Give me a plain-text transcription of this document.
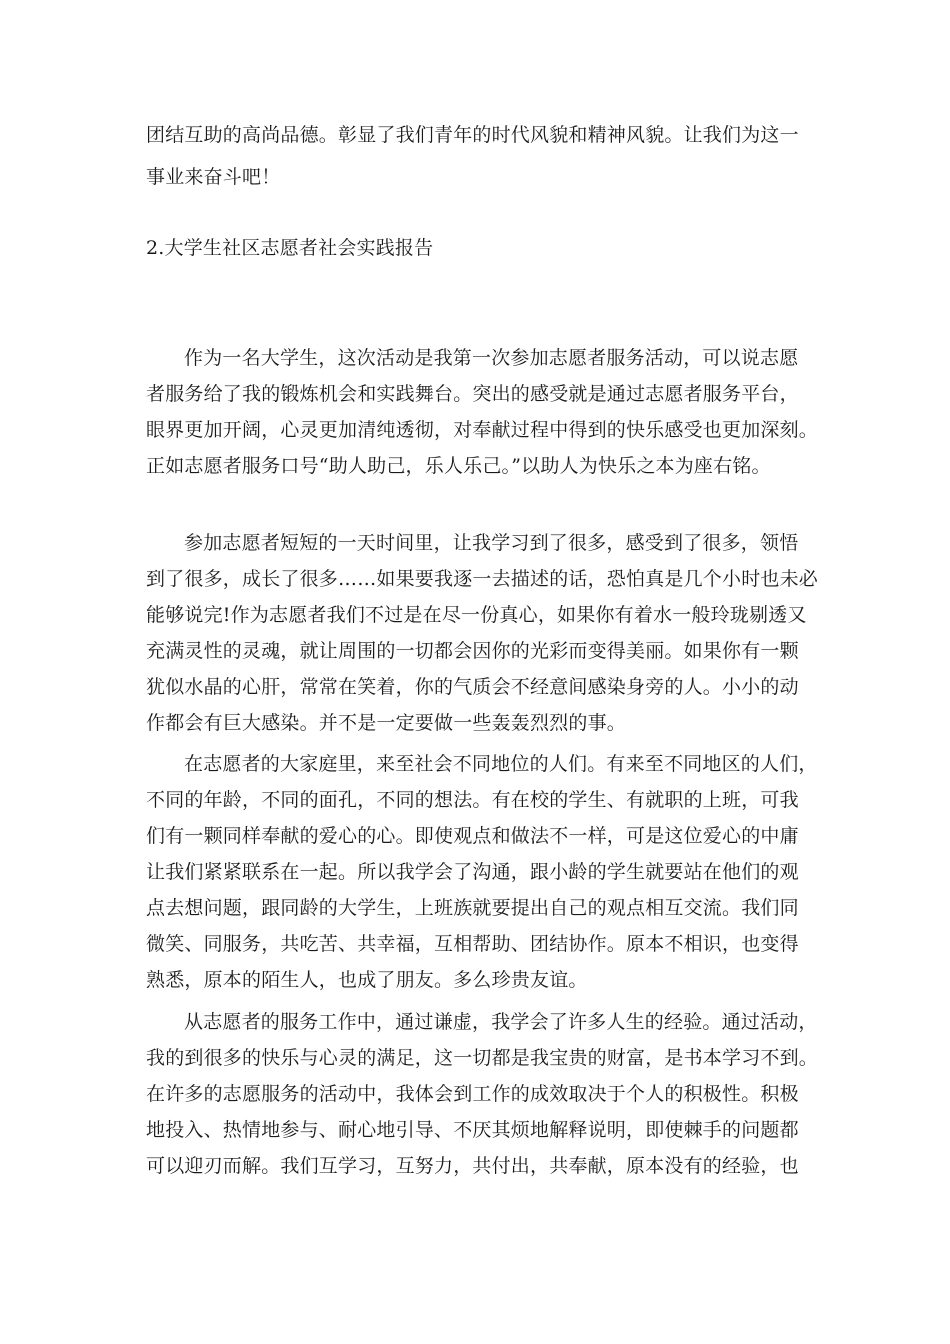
团结互助的高尚品德。彰显了我们青年的时代风貌和精神风貌。让我们为这一
事业来奋斗吧！
2.大学生社区志愿者社会实践报告
作为一名大学生，这次活动是我第一次参加志愿者服务活动，可以说志愿
者服务给了我的锻炼机会和实践舞台。突出的感受就是通过志愿者服务平台，
眼界更加开阔，心灵更加清纯透彻，对奉献过程中得到的快乐感受也更加深刻。
正如志愿者服务口号“助人助己，乐人乐己。”以助人为快乐之本为座右铭。
参加志愿者短短的一天时间里，让我学习到了很多，感受到了很多，领悟
到了很多，成长了很多……如果要我逐一去描述的话，恐怕真是几个小时也未必
能够说完!作为志愿者我们不过是在尽一份真心，如果你有着水一般玲珑剔透又
充满灵性的灵魂，就让周围的一切都会因你的光彩而变得美丽。如果你有一颗
犹似水晶的心肝，常常在笑着，你的气质会不经意间感染身旁的人。小小的动
作都会有巨大感染。并不是一定要做一些轰轰烈烈的事。
在志愿者的大家庭里，来至社会不同地位的人们。有来至不同地区的人们，
不同的年龄，不同的面孔，不同的想法。有在校的学生、有就职的上班，可我
们有一颗同样奉献的爱心的心。即使观点和做法不一样，可是这位爱心的中庸
让我们紧紧联系在一起。所以我学会了沟通，跟小龄的学生就要站在他们的观
点去想问题，跟同龄的大学生，上班族就要提出自己的观点相互交流。我们同
微笑、同服务，共吃苦、共幸福，互相帮助、团结协作。原本不相识，也变得
熟悉，原本的陌生人，也成了朋友。多么珍贵友谊。
从志愿者的服务工作中，通过谦虚，我学会了许多人生的经验。通过活动，
我的到很多的快乐与心灵的满足，这一切都是我宝贵的财富，是书本学习不到。
在许多的志愿服务的活动中，我体会到工作的成效取决于个人的积极性。积极
地投入、热情地参与、耐心地引导、不厌其烦地解释说明，即使棘手的问题都
可以迎刃而解。我们互学习，互努力，共付出，共奉献，原本没有的经验，也
